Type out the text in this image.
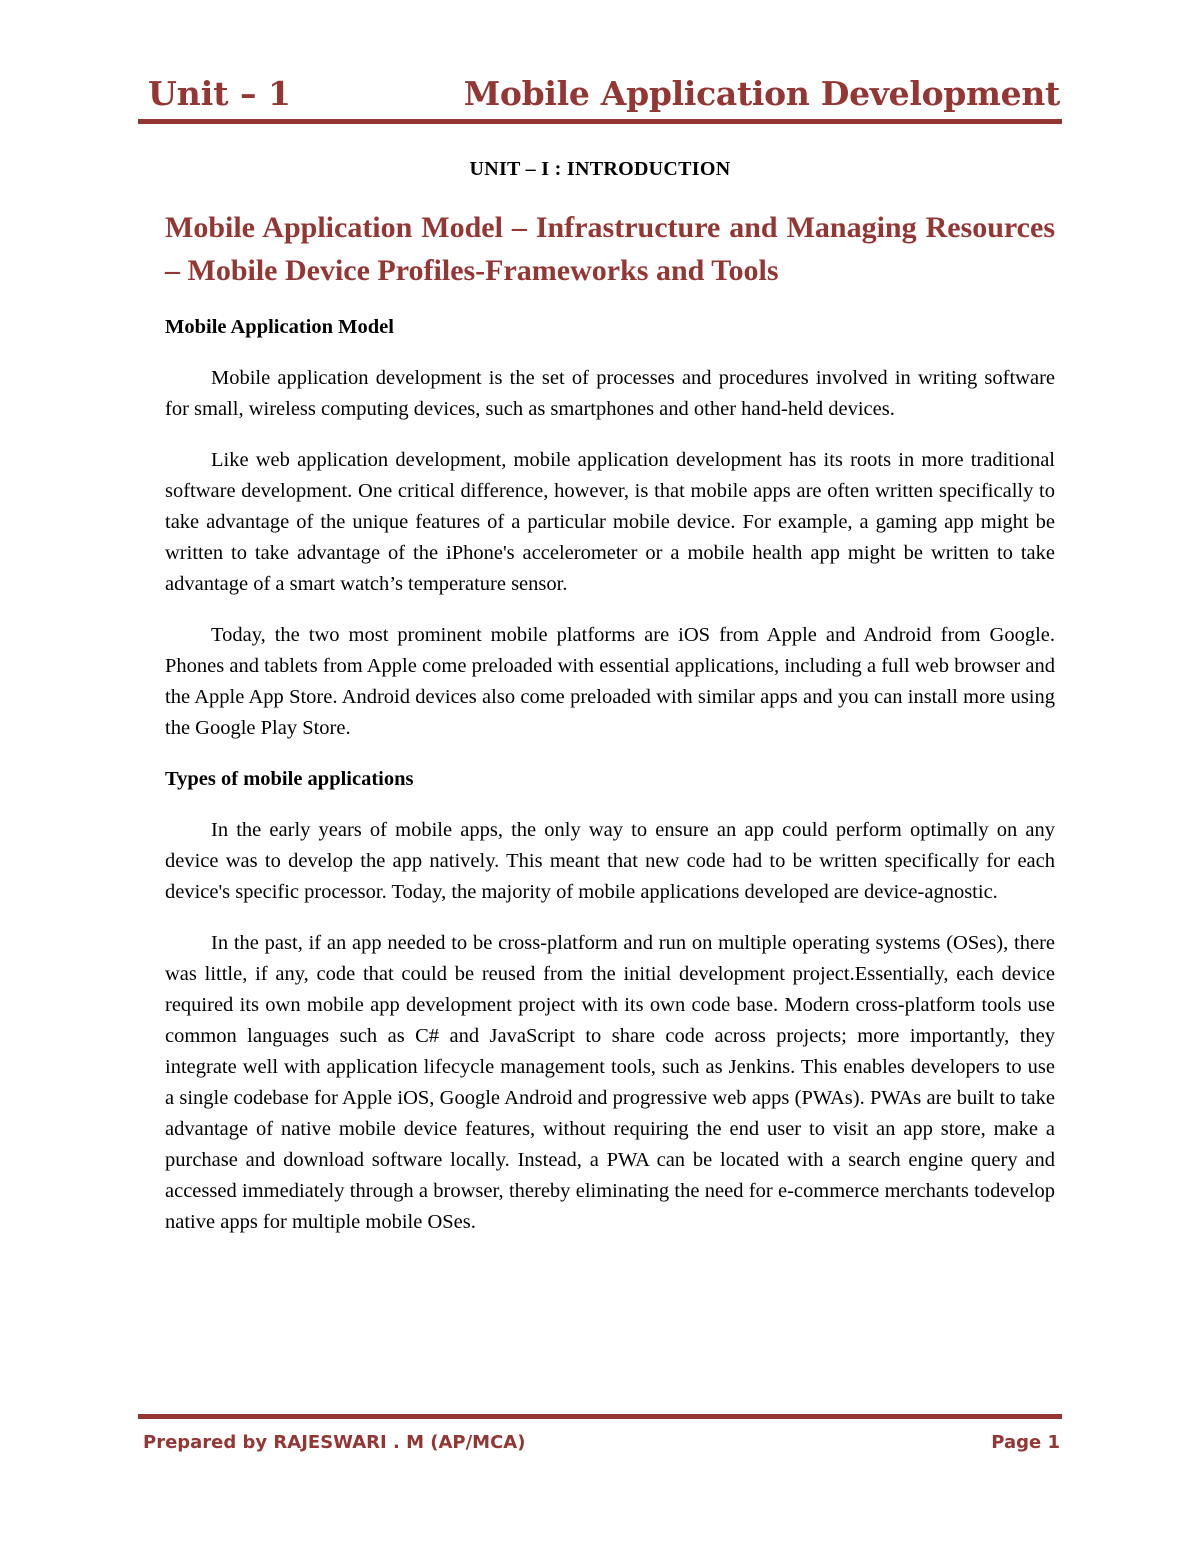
Unit – 1	Mobile Application Development
UNIT – I : INTRODUCTION
Mobile Application Model – Infrastructure and Managing Resources – Mobile Device Profiles-Frameworks and Tools

Mobile Application Model

Mobile application development is the set of processes and procedures involved in writing software for small, wireless computing devices, such as smartphones and other hand-held devices.

Like web application development, mobile application development has its roots in more traditional software development. One critical difference, however, is that mobile apps are often written specifically to take advantage of the unique features of a particular mobile device. For example, a gaming app might be written to take advantage of the iPhone's accelerometer or a mobile health app might be written to take advantage of a smart watch’s temperature sensor.

Today, the two most prominent mobile platforms are iOS from Apple and Android from Google. Phones and tablets from Apple come preloaded with essential applications, including a full web browser and the Apple App Store. Android devices also come preloaded with similar apps and you can install more using the Google Play Store.

Types of mobile applications

In the early years of mobile apps, the only way to ensure an app could perform optimally on any device was to develop the app natively. This meant that new code had to be written specifically for each device's specific processor. Today, the majority of mobile applications developed are device-agnostic.

In the past, if an app needed to be cross-platform and run on multiple operating systems (OSes), there was little, if any, code that could be reused from the initial development project.Essentially, each device required its own mobile app development project with its own code base. Modern cross-platform tools use common languages such as C# and JavaScript to share code across projects; more importantly, they integrate well with application lifecycle management tools, such as Jenkins. This enables developers to use a single codebase for Apple iOS, Google Android and progressive web apps (PWAs). PWAs are built to take advantage of native mobile device features, without requiring the end user to visit an app store, make a purchase and download software locally. Instead, a PWA can be located with a search engine query and accessed immediately through a browser, thereby eliminating the need for e-commerce merchants todevelop native apps for multiple mobile OSes.

Prepared by RAJESWARI . M (AP/MCA)	Page 1
